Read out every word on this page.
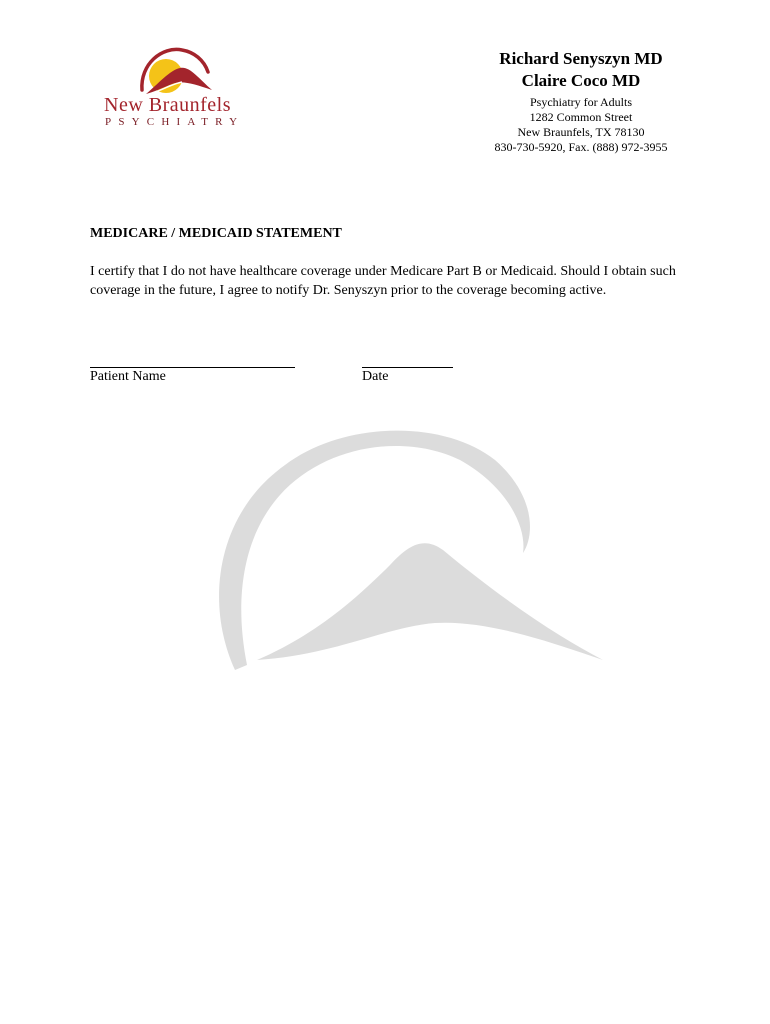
New Braunfels
PSYCHIATRY
Richard Senyszyn MD
Claire Coco MD
Psychiatry for Adults
1282 Common Street
New Braunfels, TX 78130
830-730-5920, Fax. (888) 972-3955
MEDICARE / MEDICAID STATEMENT
I certify that I do not have healthcare coverage under Medicare Part B or Medicaid. Should I obtain such coverage in the future, I agree to notify Dr. Senyszyn prior to the coverage becoming active.
Patient Name	Date
